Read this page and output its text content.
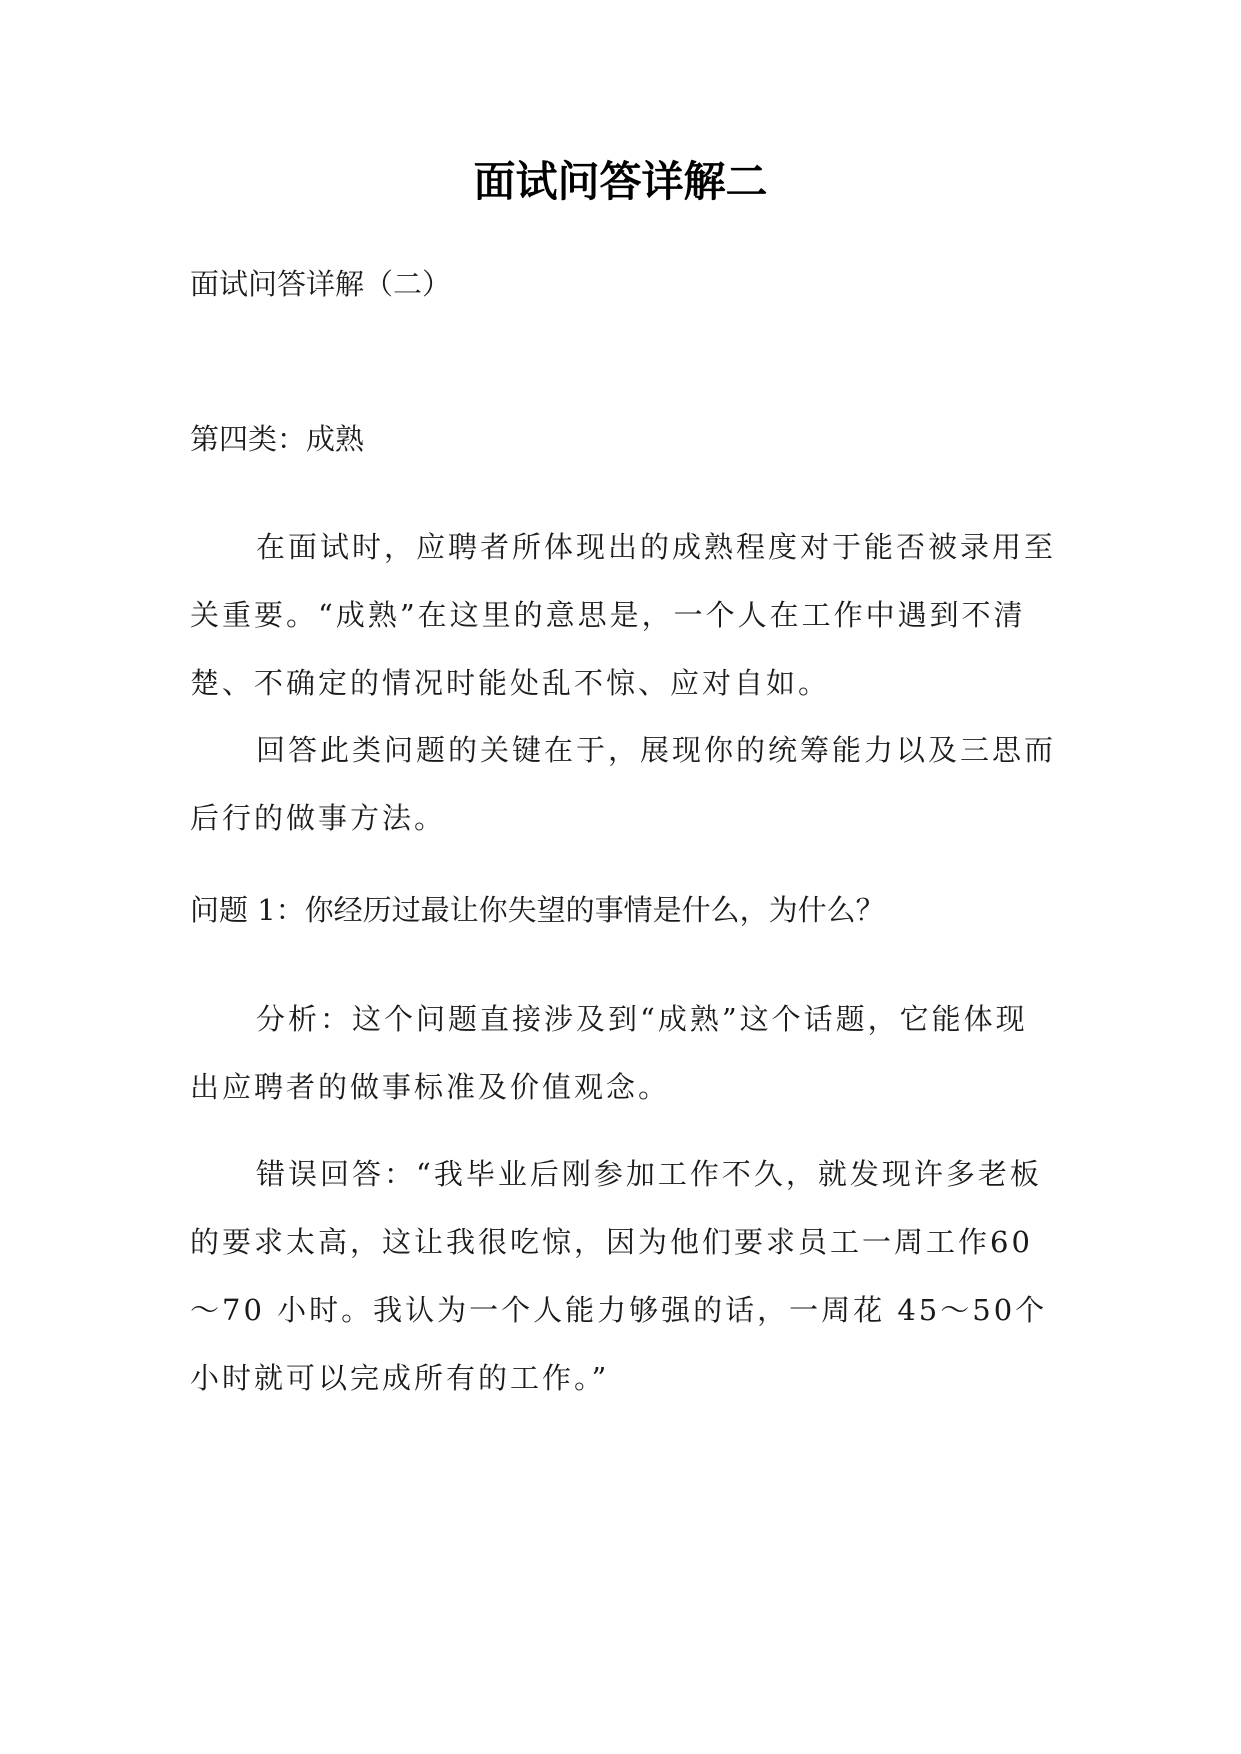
面试问答详解二

面试问答详解（二）

第四类：成熟

在面试时，应聘者所体现出的成熟程度对于能否被录用至关重要。“成熟”在这里的意思是，一个人在工作中遇到不清楚、不确定的情况时能处乱不惊、应对自如。

回答此类问题的关键在于，展现你的统筹能力以及三思而后行的做事方法。

问题 1：你经历过最让你失望的事情是什么，为什么？

分析：这个问题直接涉及到“成熟”这个话题，它能体现出应聘者的做事标准及价值观念。

错误回答：“我毕业后刚参加工作不久，就发现许多老板的要求太高，这让我很吃惊，因为他们要求员工一周工作60～70 小时。我认为一个人能力够强的话，一周花 45～50个小时就可以完成所有的工作。”
